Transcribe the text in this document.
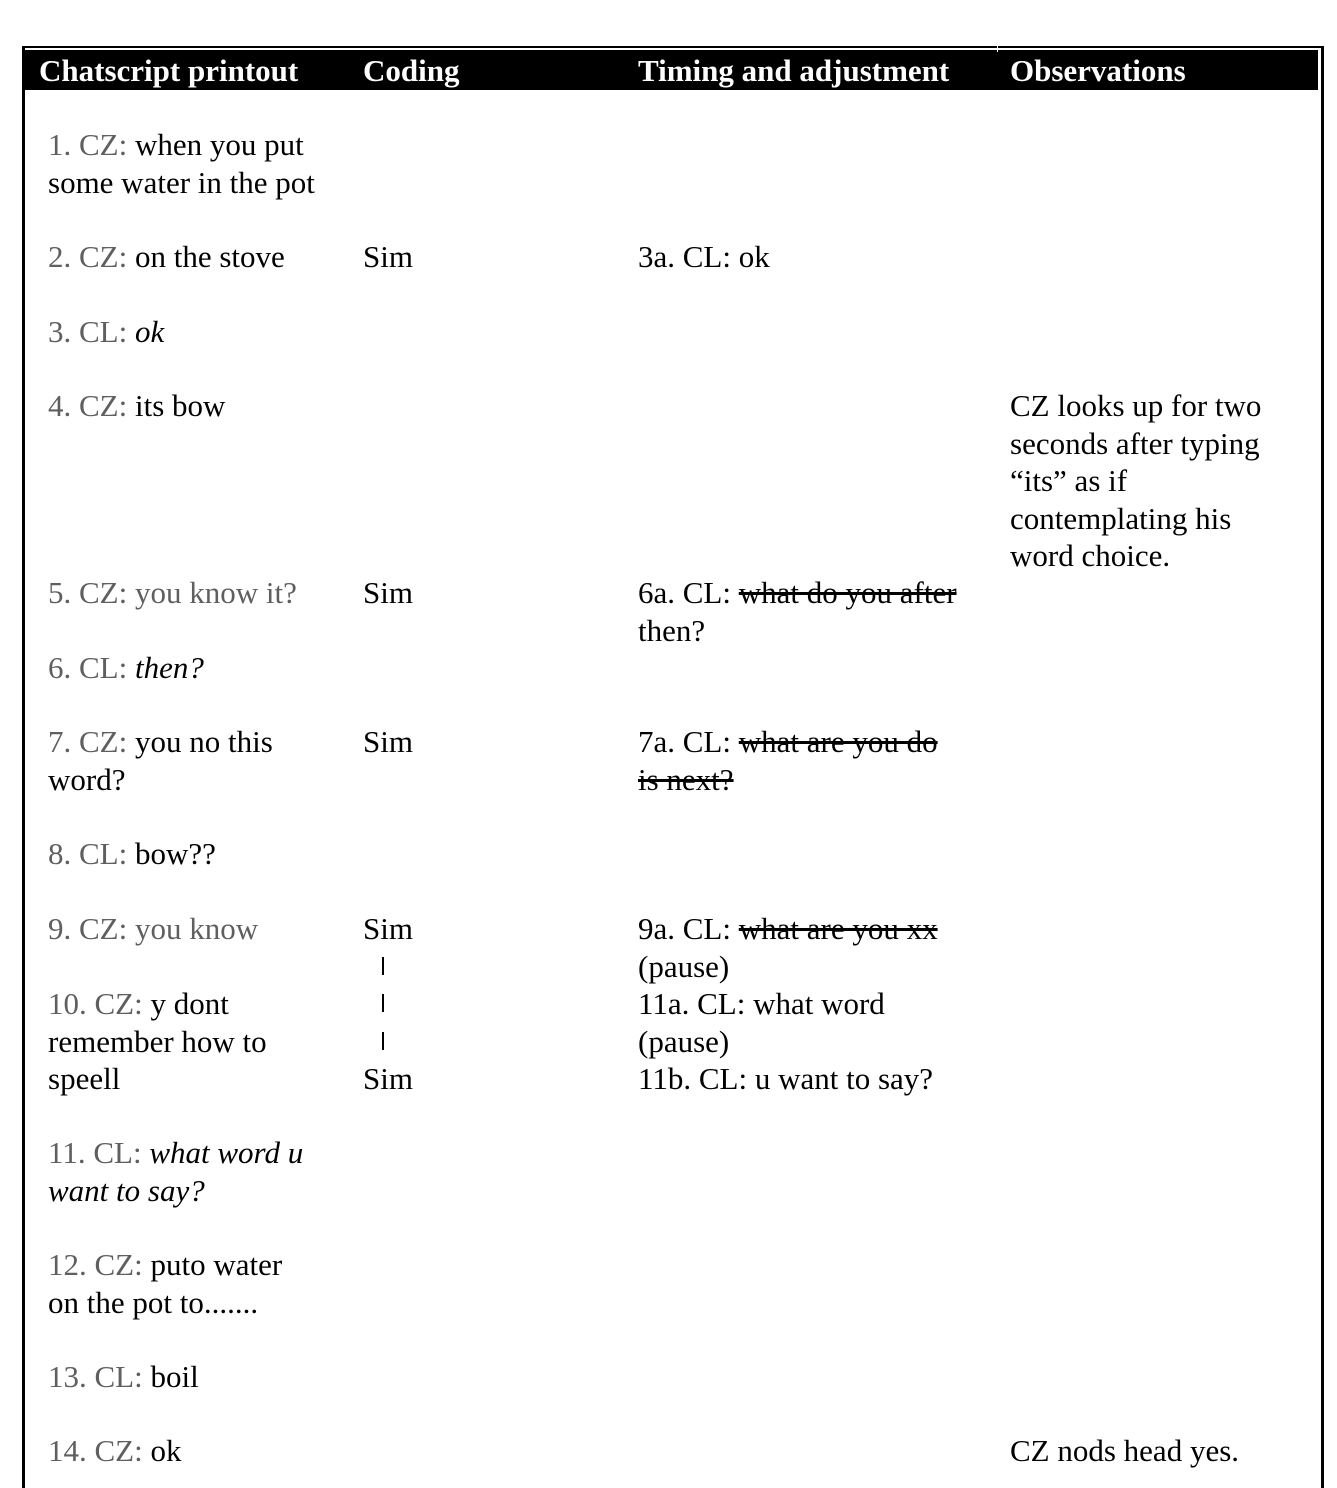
Chatscript printout Coding	Timing and adjustment Observations
1. CZ: when you put
some water in the pot
2. CZ: on the stove
3. CL: ok
4. CZ: its bow
5. CZ: you know it?
6. CL: then?
7. CZ: you no this
word?
8. CL: bow??
9. CZ: you know
10. CZ: y dont
remember how to
speell
11. CL: what word u
want to say?
12. CZ: puto water
on the pot to.......
13. CL: boil
14. CZ: ok
Sim
Sim
Sim
Sim
Sim
3a. CL: ok
6a. CL: what do you after
then?
7a. CL: what are you do
is next?
9a. CL: what are you xx
(pause)
11a. CL: what word
(pause)
11b. CL: u want to say?
CZ looks up for two
seconds after typing
“its” as if
contemplating his
word choice.
CZ nods head yes.
